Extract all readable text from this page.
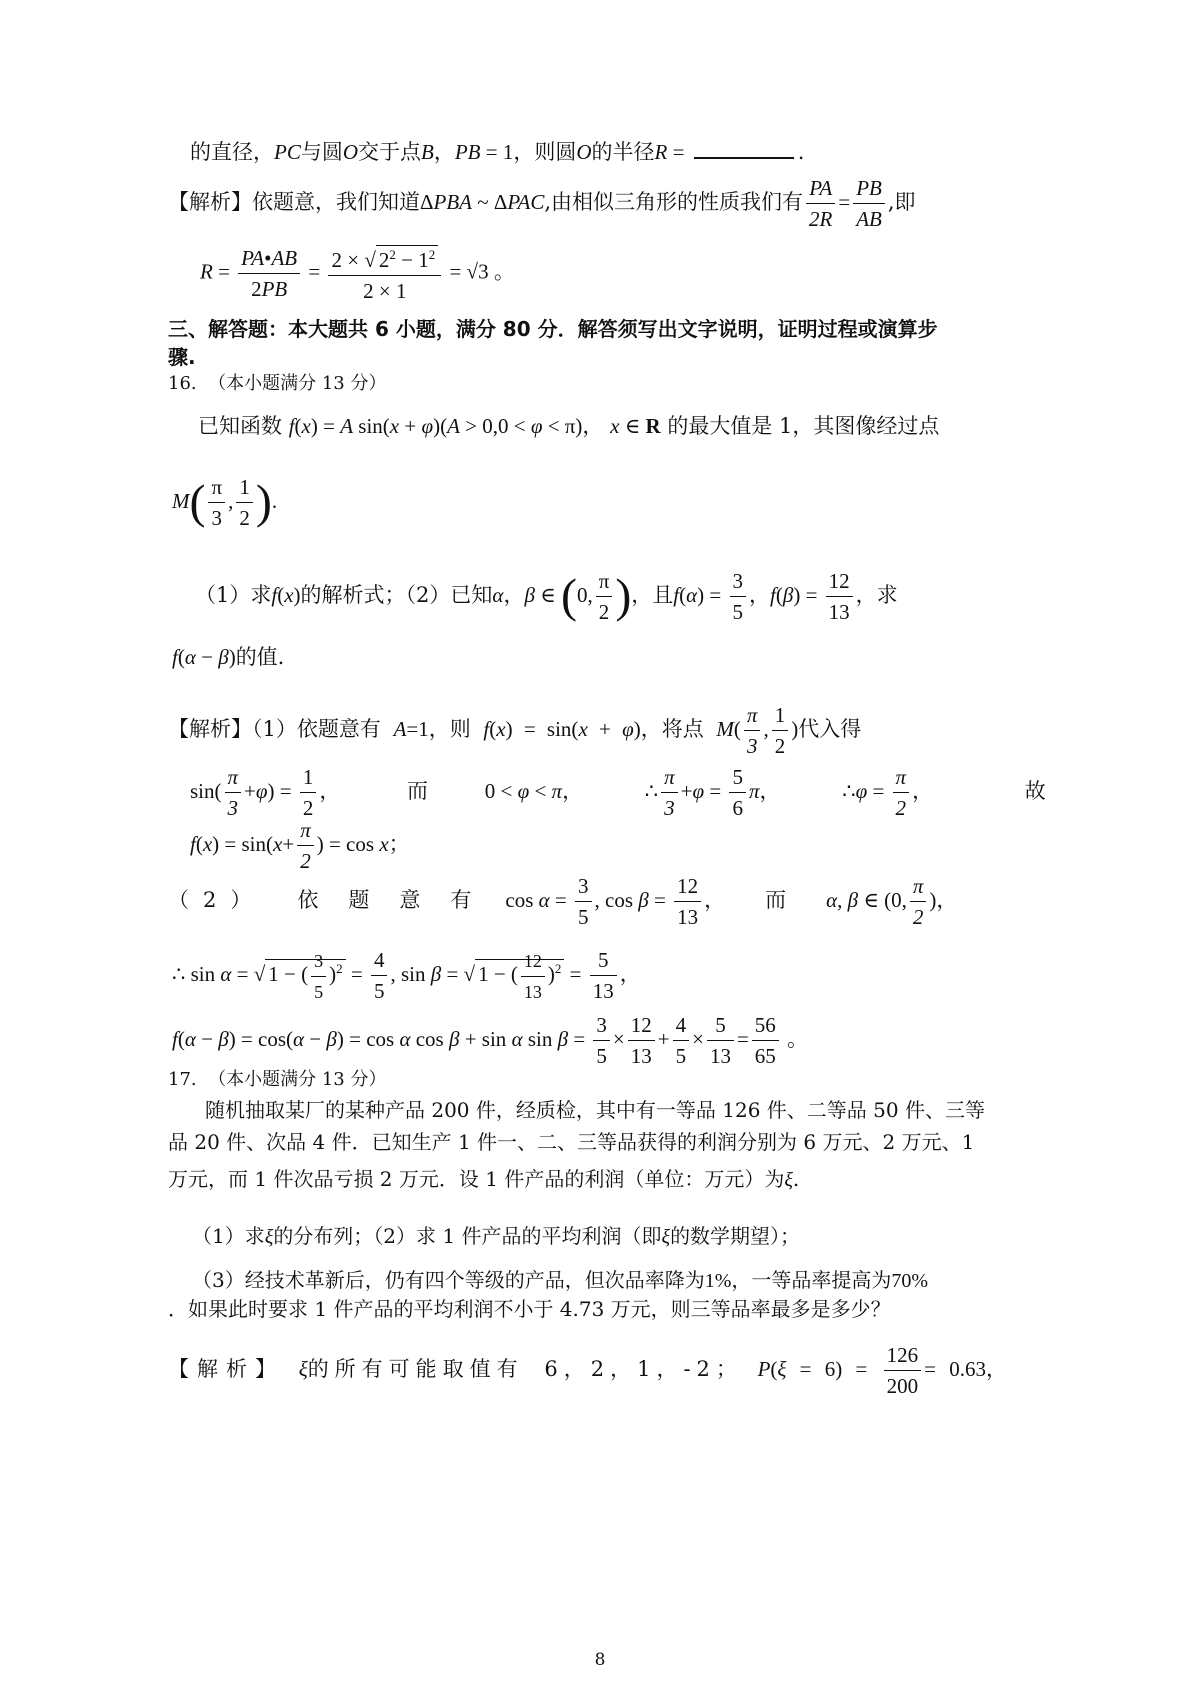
的直径，PC与圆O交于点B，PB = 1，则圆O的半径R =	.
【解析】依题意，我们知道ΔPBA ~ ΔPAC,由相似三角形的性质我们有 $\frac{PA}{2R} = \frac{PB}{AB}$ ,即
$R = \frac{PA•AB}{2PB} = \frac{2 \times √ 2^2 - 1^2}{2 \times 1} = √3$ 。
三、解答题：本大题共 6 小题，满分 80 分．解答须写出文字说明，证明过程或演算步
骤.
16. （本小题满分 13 分）
已知函数 f(x) = A sin(x + φ)(A > 0,0 < φ < π)， x ∈ R 的最大值是 1，其图像经过点
$M( \frac{\pi}{3}$ , $\frac{1}{2}$ ).
（1）求f(x)的解析式；（2）已知α，β ∈ (0, $\frac{\pi}{2}$ )，且$f(\alpha) = \frac{3}{5}$ ，$f(\beta) = \frac{12}{13}$ ，求
f(α − β)的值.
【解析】（1）依题意有 A=1，则 f(x) = sin(x + φ)，将点 $M( \frac{\pi}{3}$ , $\frac{1}{2}$ )代入得
$\sin( \frac{\pi}{3} +\varphi) = \frac{1}{2}$ ，	而	0 < φ < π，	∴ $\frac{\pi}{3} +\varphi = \frac{5}{6}$ π，	∴φ = $\frac{\pi}{2}$ ，	故
$f(x) = \sin(x+ \frac{\pi}{2}$ ) = cos x；
（2） 依 题 意 有 $\cos \alpha = \frac{3}{5}$ , $\cos \beta = \frac{12}{13}$ ， 而 α, β ∈ (0, $\frac{\pi}{2}$ )，
∴ sin α = √ 1 − ( $\frac{3}{5} )^2 = \frac{4}{5}$ , sin β = √ 1 − ( $\frac{12}{13} )^2 = \frac{5}{13}$ ，
f(α − β) = cos(α − β) = cos α cos β + sin α $\sin \beta = \frac{3}{5} \times \frac{12}{13} + \frac{4}{5} \times \frac{5}{13} = \frac{56}{65}$ 。
17. （本小题满分 13 分）
随机抽取某厂的某种产品 200 件，经质检，其中有一等品 126 件、二等品 50 件、三等
品 20 件、次品 4 件．已知生产 1 件一、二、三等品获得的利润分别为 6 万元、2 万元、1
万元，而 1 件次品亏损 2 万元．设 1 件产品的利润（单位：万元）为ξ.
（1）求ξ的分布列；（2）求 1 件产品的平均利润（即ξ的数学期望）；
（3）经技术革新后，仍有四个等级的产品，但次品率降为1%，一等品率提高为70%
．如果此时要求 1 件产品的平均利润不小于 4.73 万元，则三等品率最多是多少？
【解析】 ξ的所有可能取值有 6，2，1，-2； $P(\xi = 6) = \frac{126}{200} = 0.63$，
8
